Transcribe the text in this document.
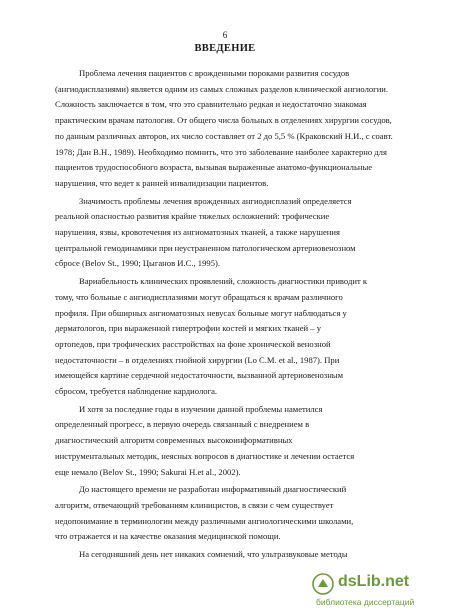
6
ВВЕДЕНИЕ
Проблема лечения пациентов с врожденными пороками развития сосудов
(ангиодисплазиями) является одним из самых сложных разделов клинической ангиологии.
Сложность заключается в том, что это сравнительно редкая и недостаточно знакомая
практическим врачам патология. От общего числа больных в отделениях хирургии сосудов,
по данным различных авторов, их число составляет от 2 до 5,5 % (Краковский Н.И., с соавт.
1978; Дан В.Н., 1989). Необходимо помнить, что это заболевание наиболее характерно для
пациентов трудоспособного возраста, вызывая выраженные анатомо-функциональные
нарушения, что ведет к ранней инвалидизации пациентов.
Значимость проблемы лечения врожденных ангиодисплазий определяется
реальной опасностью развития крайне тяжелых осложнений: трофические
нарушения, язвы, кровотечения из ангиоматозных тканей, а также нарушения
центральной гемодинамики при неустраненном патологическом артериовенозном
сбросе (Belov St., 1990; Цыганов И.С., 1995).
Вариабельность клинических проявлений, сложность диагностики приводит к
тому, что больные с ангиодисплазиями могут обращаться к врачам различного
профиля. При обширных ангиоматозных невусах больные могут наблюдаться у
дерматологов, при выраженной гипертрофии костей и мягких тканей – у
ортопедов, при трофических расстройствах на фоне хронической венозной
недостаточности – в отделениях гнойной хирургии (Lo C.M. et al., 1987). При
имеющейся картине сердечной недостаточности, вызванной артериовенозным
сбросом, требуется наблюдение кардиолога.
И хотя за последние годы в изучении данной проблемы наметился
определенный прогресс, в первую очередь связанный с внедрением в
диагностический алгоритм современных высокоинформативных
инструментальных методик, неясных вопросов в диагностике и лечении остается
еще немало (Belov St., 1990; Sakurai H.et al., 2002).
До настоящего времени не разработан информативный диагностический
алгоритм, отвечающий требованиям клиницистов, в связи с чем существует
недопонимание в терминологии между различными ангиологическими школами,
что отражается и на качестве оказания медицинской помощи.
На сегодняшний день нет никаких сомнений, что ультразвуковые методы
dsLib.net
библиотека диссертаций
